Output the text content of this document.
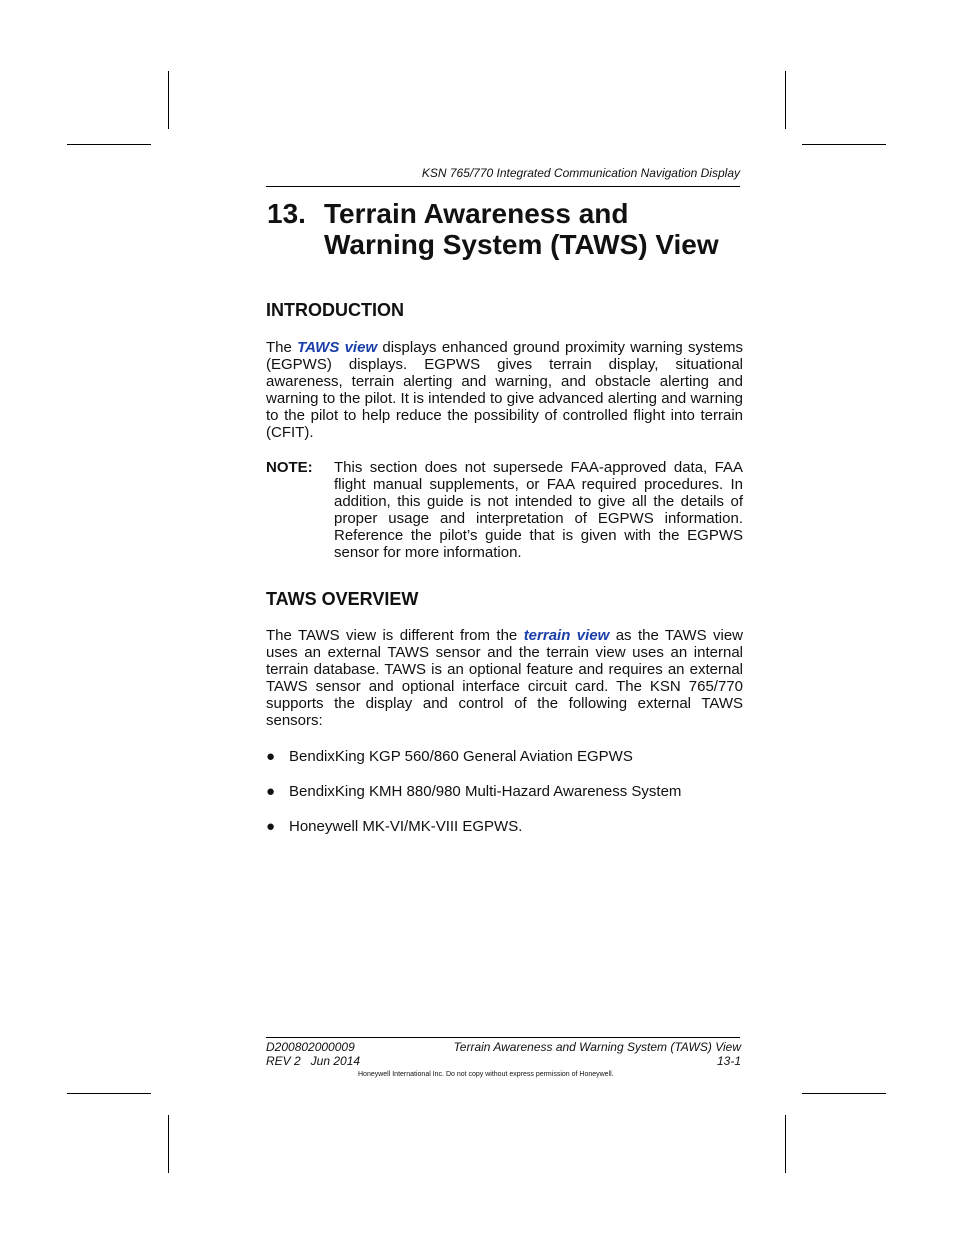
KSN 765/770 Integrated Communication Navigation Display
13. Terrain Awareness and
Warning System (TAWS) View
INTRODUCTION
The TAWS view displays enhanced ground proximity warning systems (EGPWS) displays. EGPWS gives terrain display, situational awareness, terrain alerting and warning, and obstacle alerting and warning to the pilot. It is intended to give advanced alerting and warning to the pilot to help reduce the possibility of controlled flight into terrain (CFIT).
NOTE: This section does not supersede FAA‑approved data, FAA flight manual supplements, or FAA required procedures. In addition, this guide is not intended to give all the details of proper usage and interpretation of EGPWS information. Reference the pilot’s guide that is given with the EGPWS sensor for more information.
TAWS OVERVIEW
The TAWS view is different from the terrain view as the TAWS view uses an external TAWS sensor and the terrain view uses an internal terrain database. TAWS is an optional feature and requires an external TAWS sensor and optional interface circuit card. The KSN 765/770 supports the display and control of the following external TAWS sensors:
● BendixKing KGP 560/860 General Aviation EGPWS
● BendixKing KMH 880/980 Multi‑Hazard Awareness System
● Honeywell MK‑VI/MK‑VIII EGPWS.
D200802000009
REV 2   Jun 2014
Terrain Awareness and Warning System (TAWS) View
13-1
Honeywell International Inc. Do not copy without express permission of Honeywell.
